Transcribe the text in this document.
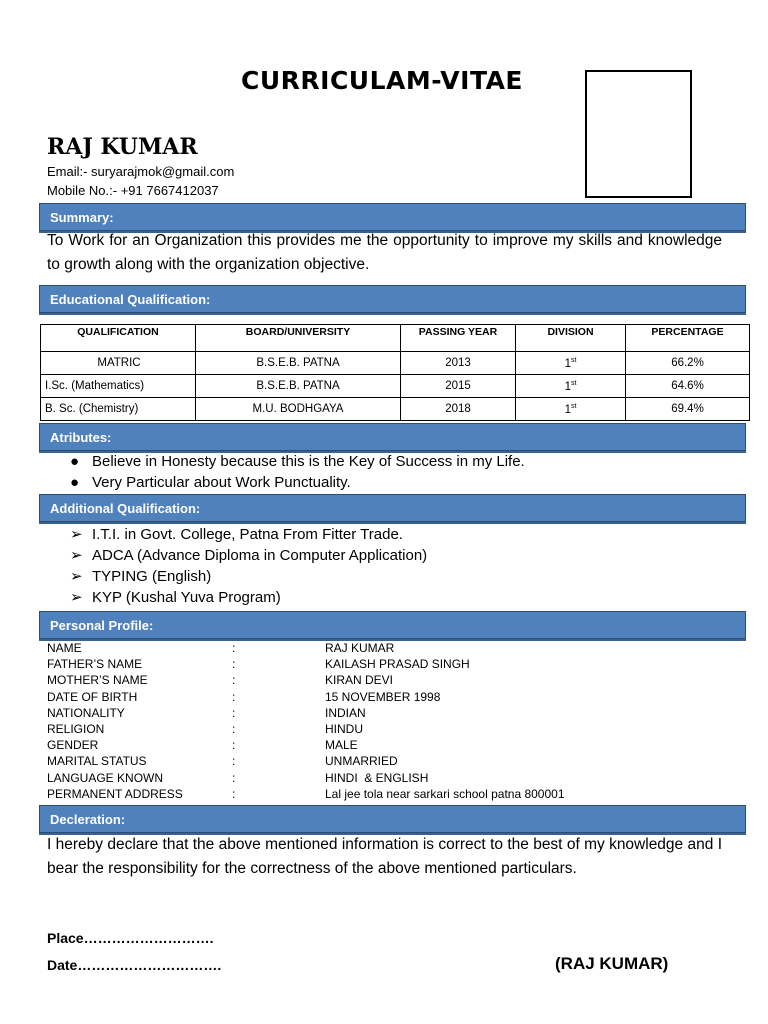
CURRICULAM-VITAE
RAJ KUMAR
Email:- suryarajmok@gmail.com
Mobile No.:- +91 7667412037
Summary:
To Work for an Organization this provides me the opportunity to improve my skills and knowledge to growth along with the organization objective.
Educational Qualification:
QUALIFICATION	BOARD/UNIVERSITY	PASSING YEAR	DIVISION	PERCENTAGE
MATRIC	B.S.E.B. PATNA	2013	1st	66.2%
I.Sc. (Mathematics)	B.S.E.B. PATNA	2015	1st	64.6%
B. Sc. (Chemistry)	M.U. BODHGAYA	2018	1st	69.4%
Atributes:
● Believe in Honesty because this is the Key of Success in my Life.
● Very Particular about Work Punctuality.
Additional Qualification:
➢ I.T.I. in Govt. College, Patna From Fitter Trade.
➢ ADCA (Advance Diploma in Computer Application)
➢ TYPING (English)
➢ KYP (Kushal Yuva Program)
Personal Profile:
NAME	:	RAJ KUMAR
FATHER’S NAME	:	KAILASH PRASAD SINGH
MOTHER’S NAME	:	KIRAN DEVI
DATE OF BIRTH	:	15 NOVEMBER 1998
NATIONALITY	:	INDIAN
RELIGION	:	HINDU
GENDER	:	MALE
MARITAL STATUS	:	UNMARRIED
LANGUAGE KNOWN	:	HINDI  & ENGLISH
PERMANENT ADDRESS	:	Lal jee tola near sarkari school patna 800001
Decleration:
I hereby declare that the above mentioned information is correct to the best of my knowledge and I bear the responsibility for the correctness of the above mentioned particulars.
Place……………………….
Date………………………….	(RAJ KUMAR)
